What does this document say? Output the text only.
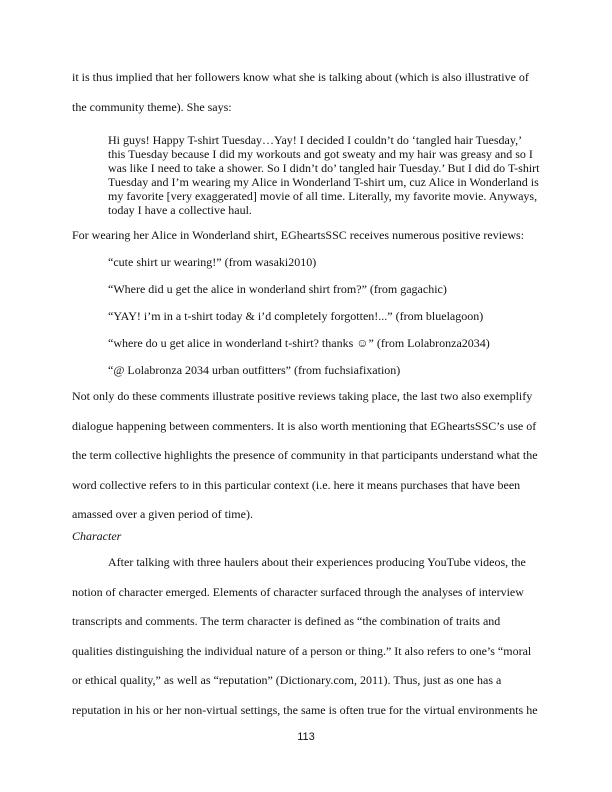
it is thus implied that her followers know what she is talking about (which is also illustrative of the community theme). She says:

Hi guys! Happy T-shirt Tuesday…Yay! I decided I couldn’t do ‘tangled hair Tuesday,’ this Tuesday because I did my workouts and got sweaty and my hair was greasy and so I was like I need to take a shower. So I didn’t do’ tangled hair Tuesday.’ But I did do T-shirt Tuesday and I’m wearing my Alice in Wonderland T-shirt um, cuz Alice in Wonderland is my favorite [very exaggerated] movie of all time. Literally, my favorite movie. Anyways, today I have a collective haul.

For wearing her Alice in Wonderland shirt, EGheartsSSC receives numerous positive reviews:

“cute shirt ur wearing!” (from wasaki2010)

“Where did u get the alice in wonderland shirt from?” (from gagachic)

“YAY! i’m in a t-shirt today & i’d completely forgotten!...” (from bluelagoon)

“where do u get alice in wonderland t-shirt? thanks ☺” (from Lolabronza2034)

“@ Lolabronza 2034 urban outfitters” (from fuchsiafixation)

Not only do these comments illustrate positive reviews taking place, the last two also exemplify dialogue happening between commenters. It is also worth mentioning that EGheartsSSC’s use of the term collective highlights the presence of community in that participants understand what the word collective refers to in this particular context (i.e. here it means purchases that have been amassed over a given period of time).

Character

After talking with three haulers about their experiences producing YouTube videos, the notion of character emerged. Elements of character surfaced through the analyses of interview transcripts and comments. The term character is defined as “the combination of traits and qualities distinguishing the individual nature of a person or thing.” It also refers to one’s “moral or ethical quality,” as well as “reputation” (Dictionary.com, 2011). Thus, just as one has a reputation in his or her non-virtual settings, the same is often true for the virtual environments he

113
